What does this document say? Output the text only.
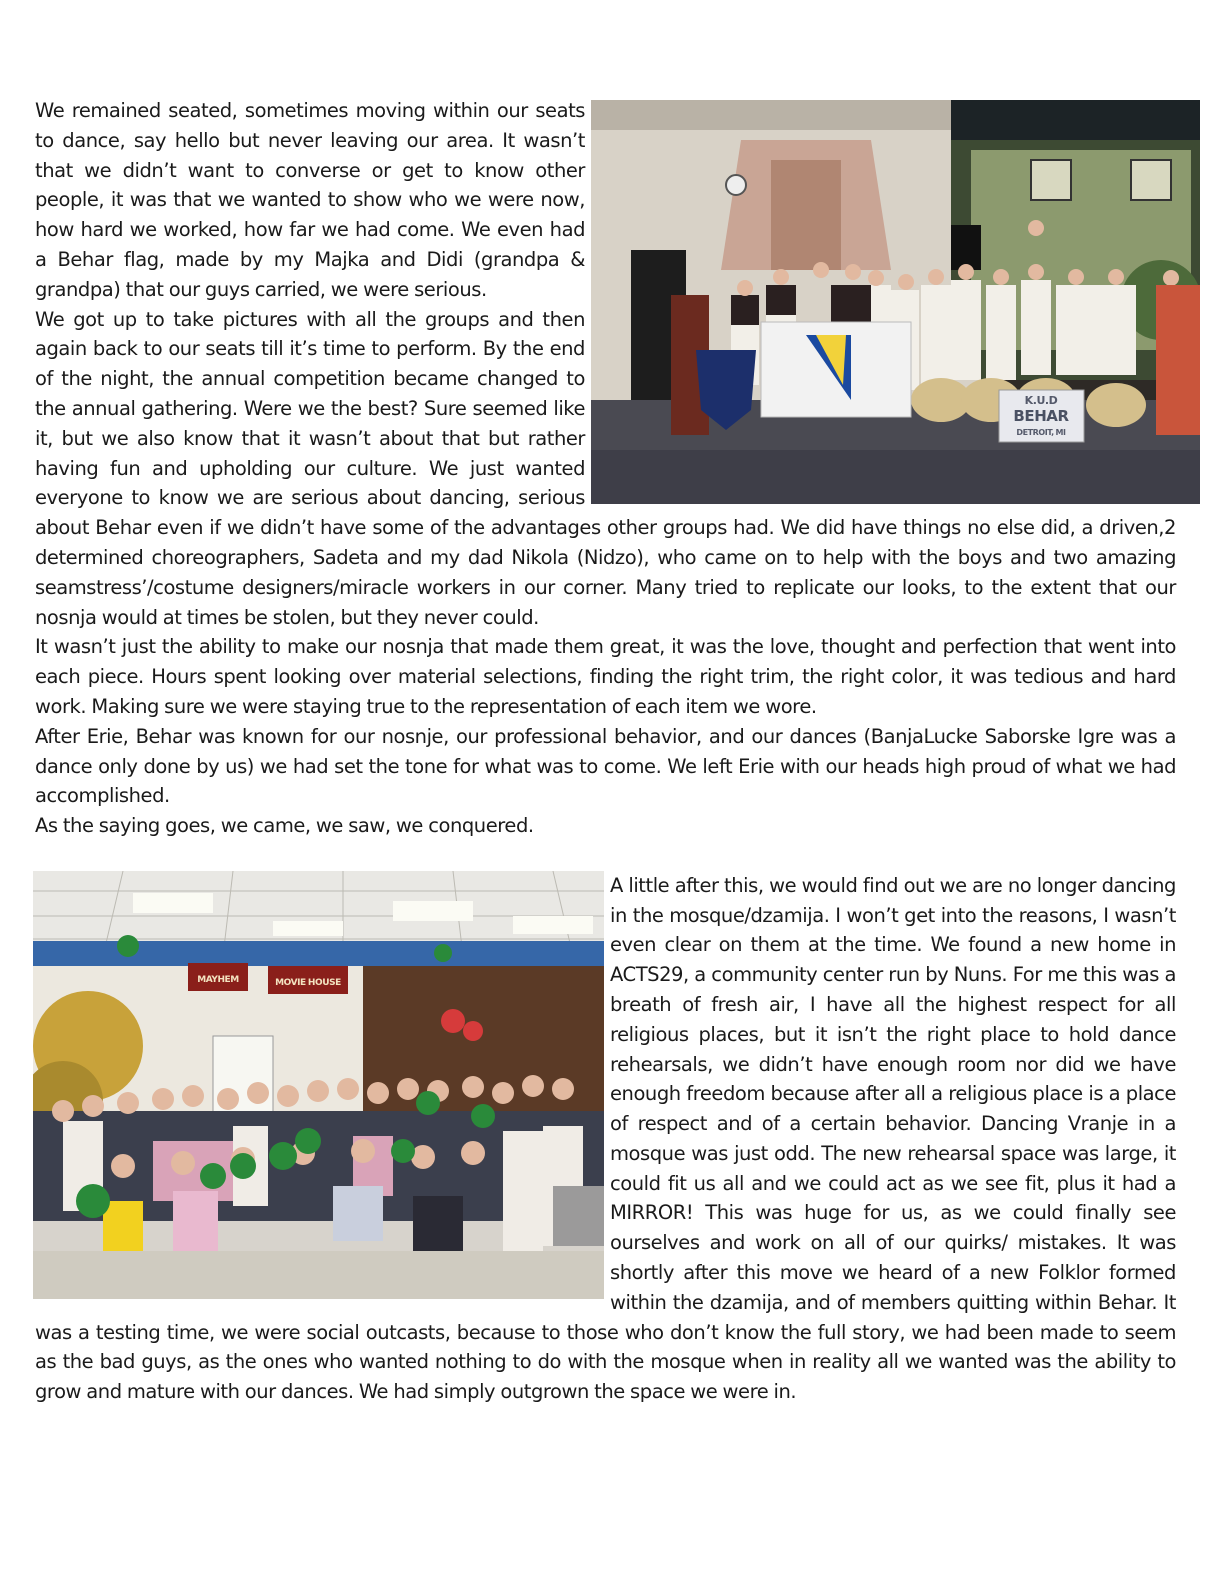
K.U.D
BEHAR
DETROIT, MI

We remained seated, sometimes moving within our seats to dance, say hello but never leaving our area. It wasn’t that we didn’t want to converse or get to know other people, it was that we wanted to show who we were now, how hard we worked, how far we had come. We even had a Behar flag, made by my Majka and Didi (grandpa & grandpa) that our guys carried, we were serious.

We got up to take pictures with all the groups and then again back to our seats till it’s time to perform. By the end of the night, the annual competition became changed to the annual gathering. Were we the best? Sure seemed like it, but we also know that it wasn’t about that but rather having fun and upholding our culture. We just wanted everyone to know we are serious about dancing, serious about Behar even if we didn’t have some of the advantages other groups had. We did have things no else did, a driven,2 determined choreographers, Sadeta and my dad Nikola (Nidzo), who came on to help with the boys and two amazing seamstress’/costume designers/miracle workers in our corner. Many tried to replicate our looks, to the extent that our nosnja would at times be stolen, but they never could.

It wasn’t just the ability to make our nosnja that made them great, it was the love, thought and perfection that went into each piece. Hours spent looking over material selections, finding the right trim, the right color, it was tedious and hard work. Making sure we were staying true to the representation of each item we wore.

After Erie, Behar was known for our nosnje, our professional behavior, and our dances (BanjaLucke Saborske Igre was a dance only done by us) we had set the tone for what was to come. We left Erie with our heads high proud of what we had accomplished.

As the saying goes, we came, we saw, we conquered.

MAYHEM	MOVIE HOUSE

A little after this, we would find out we are no longer dancing in the mosque/dzamija. I won’t get into the reasons, I wasn’t even clear on them at the time. We found a new home in ACTS29, a community center run by Nuns. For me this was a breath of fresh air, I have all the highest respect for all religious places, but it isn’t the right place to hold dance rehearsals, we didn’t have enough room nor did we have enough freedom because after all a religious place is a place of respect and of a certain behavior. Dancing Vranje in a mosque was just odd. The new rehearsal space was large, it could fit us all and we could act as we see fit, plus it had a MIRROR! This was huge for us, as we could finally see ourselves and work on all of our quirks/ mistakes. It was shortly after this move we heard of a new Folklor formed within the dzamija, and of members quitting within Behar. It was a testing time, we were social outcasts, because to those who don’t know the full story, we had been made to seem as the bad guys, as the ones who wanted nothing to do with the mosque when in reality all we wanted was the ability to grow and mature with our dances. We had simply outgrown the space we were in.
